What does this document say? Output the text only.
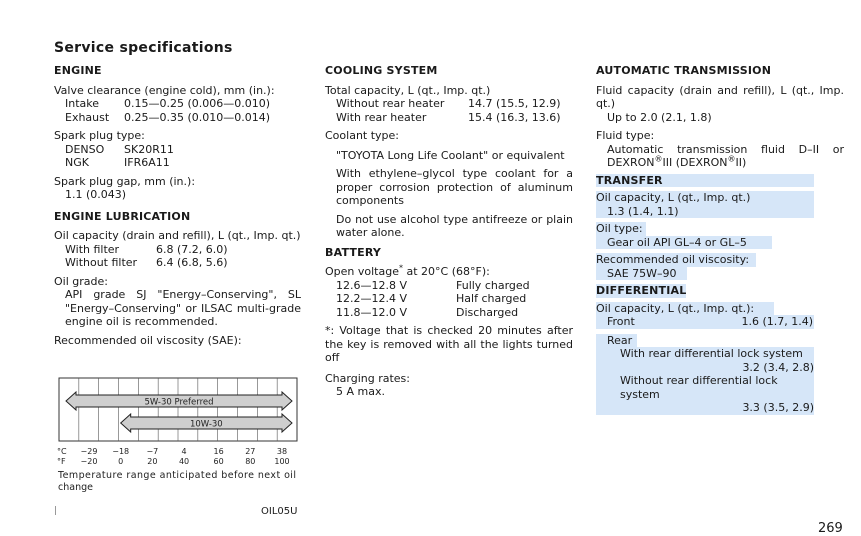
Service specifications
ENGINE
Valve clearance (engine cold), mm (in.):
Intake	0.15—0.25 (0.006—0.010)
Exhaust	0.25—0.35 (0.010—0.014)
Spark plug type:
DENSO	SK20R11
NGK	IFR6A11
Spark plug gap, mm (in.):
1.1 (0.043)
ENGINE LUBRICATION
Oil capacity (drain and refill), L (qt., Imp. qt.)
With filter	6.8 (7.2, 6.0)
Without filter	6.4 (6.8, 5.6)
Oil grade:
API grade SJ "Energy–Conserving", SL "Energy–Conserving" or ILSAC multi-grade engine oil is recommended.
Recommended oil viscosity (SAE):
5W-30 Preferred
10W-30
°C
°F
−29
−20
−18
0
−7
20
4
40
16
60
27
80
38
100
Temperature range anticipated before next oil
change
OIL05U
COOLING SYSTEM
Total capacity, L (qt., Imp. qt.)
Without rear heater	14.7 (15.5, 12.9)
With rear heater	15.4 (16.3, 13.6)
Coolant type:
"TOYOTA Long Life Coolant" or equivalent
With ethylene–glycol type coolant for a proper corrosion protection of aluminum components
Do not use alcohol type antifreeze or plain water alone.
BATTERY
Open voltage* at 20°C (68°F):
12.6—12.8 V	Fully charged
12.2—12.4 V	Half charged
11.8—12.0 V	Discharged
*: Voltage that is checked 20 minutes after the key is removed with all the lights turned off
Charging rates:
5 A max.
AUTOMATIC TRANSMISSION
Fluid capacity (drain and refill), L (qt., Imp. qt.)
Up to 2.0 (2.1, 1.8)
Fluid type:
Automatic transmission fluid D–II or DEXRON®III (DEXRON®II)
TRANSFER
Oil capacity, L (qt., Imp. qt.)
1.3 (1.4, 1.1)
Oil type:
Gear oil API GL–4 or GL–5
Recommended oil viscosity:
SAE 75W–90
DIFFERENTIAL
Oil capacity, L (qt., Imp. qt.):
Front	1.6 (1.7, 1.4)
Rear
With rear differential lock system
3.2 (3.4, 2.8)
Without rear differential lock system
3.3 (3.5, 2.9)
269
